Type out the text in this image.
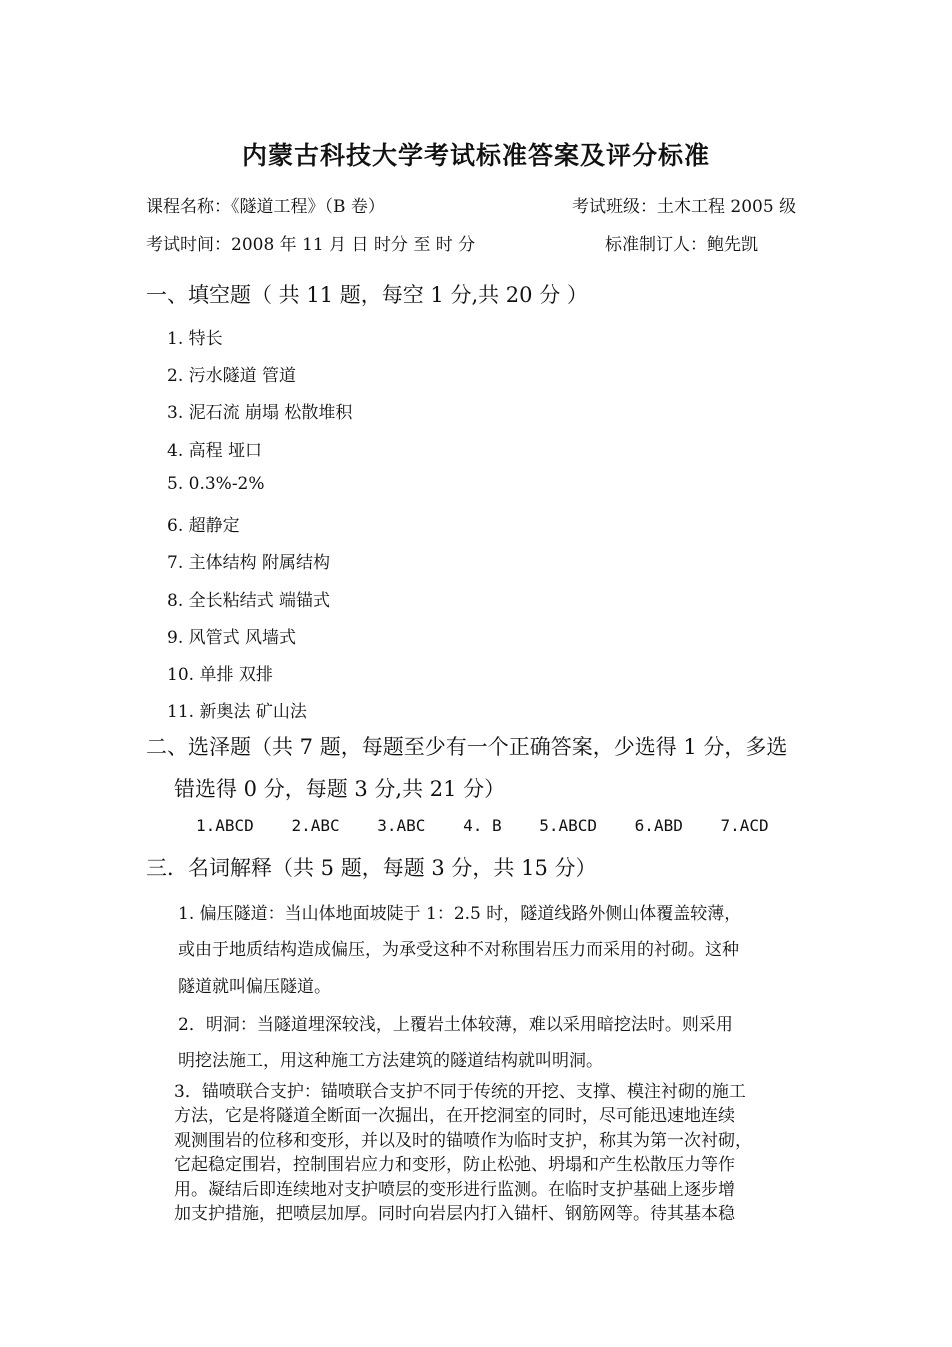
内蒙古科技大学考试标准答案及评分标准
课程名称：《隧道工程》（B 卷）	考试班级：土木工程 2005 级
考试时间：2008 年 11 月 日 时分 至 时 分	标准制订人：鲍先凯
一、填空题（ 共 11 题，每空 1 分,共 20 分 ）
1. 特长
2. 污水隧道 管道
3. 泥石流 崩塌 松散堆积
4. 高程 垭口
5. 0.3%-2%
6. 超静定
7. 主体结构 附属结构
8. 全长粘结式 端锚式
9. 风管式 风墙式
10. 单排 双排
11. 新奥法 矿山法
二、选泽题（共 7 题，每题至少有一个正确答案，少选得 1 分，多选
错选得 0 分，每题 3 分,共 21 分）
1.ABCD 2.ABC 3.ABC 4. B 5.ABCD 6.ABD 7.ACD
三．名词解释（共 5 题，每题 3 分，共 15 分）
1. 偏压隧道：当山体地面坡陡于 1：2.5 时，隧道线路外侧山体覆盖较薄，
或由于地质结构造成偏压，为承受这种不对称围岩压力而采用的衬砌。这种
隧道就叫偏压隧道。
2．明洞：当隧道埋深较浅，上覆岩土体较薄，难以采用暗挖法时。则采用
明挖法施工，用这种施工方法建筑的隧道结构就叫明洞。
3．锚喷联合支护：锚喷联合支护不同于传统的开挖、支撑、模注衬砌的施工
方法，它是将隧道全断面一次掘出，在开挖洞室的同时，尽可能迅速地连续
观测围岩的位移和变形，并以及时的锚喷作为临时支护，称其为第一次衬砌，
它起稳定围岩，控制围岩应力和变形，防止松弛、坍塌和产生松散压力等作
用。凝结后即连续地对支护喷层的变形进行监测。在临时支护基础上逐步增
加支护措施，把喷层加厚。同时向岩层内打入锚杆、钢筋网等。待其基本稳
